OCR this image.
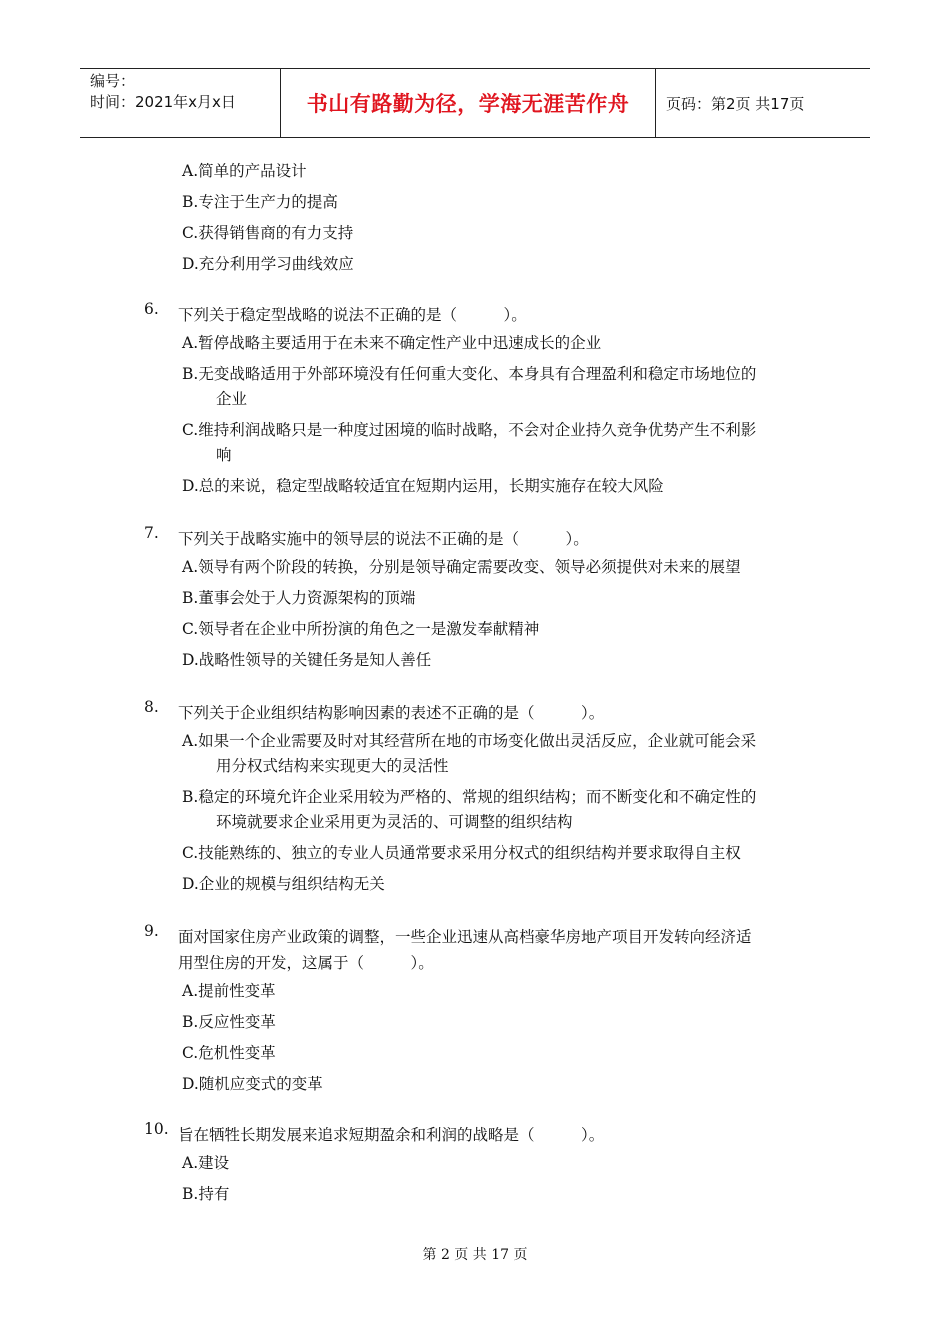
编号：
时间：2021年x月x日	书山有路勤为径，学海无涯苦作舟	页码：第2页 共17页
A.简单的产品设计
B.专注于生产力的提高
C.获得销售商的有力支持
D.充分利用学习曲线效应
6. 下列关于稳定型战略的说法不正确的是（　　　）。
A.暂停战略主要适用于在未来不确定性产业中迅速成长的企业
B.无变战略适用于外部环境没有任何重大变化、本身具有合理盈利和稳定市场地位的
企业
C.维持利润战略只是一种度过困境的临时战略，不会对企业持久竞争优势产生不利影
响
D.总的来说，稳定型战略较适宜在短期内运用，长期实施存在较大风险
7. 下列关于战略实施中的领导层的说法不正确的是（　　　）。
A.领导有两个阶段的转换，分别是领导确定需要改变、领导必须提供对未来的展望
B.董事会处于人力资源架构的顶端
C.领导者在企业中所扮演的角色之一是激发奉献精神
D.战略性领导的关键任务是知人善任
8. 下列关于企业组织结构影响因素的表述不正确的是（　　　）。
A.如果一个企业需要及时对其经营所在地的市场变化做出灵活反应，企业就可能会采
用分权式结构来实现更大的灵活性
B.稳定的环境允许企业采用较为严格的、常规的组织结构；而不断变化和不确定性的
环境就要求企业采用更为灵活的、可调整的组织结构
C.技能熟练的、独立的专业人员通常要求采用分权式的组织结构并要求取得自主权
D.企业的规模与组织结构无关
9. 面对国家住房产业政策的调整，一些企业迅速从高档豪华房地产项目开发转向经济适
用型住房的开发，这属于（　　　）。
A.提前性变革
B.反应性变革
C.危机性变革
D.随机应变式的变革
10. 旨在牺牲长期发展来追求短期盈余和利润的战略是（　　　）。
A.建设
B.持有
第 2 页 共 17 页
